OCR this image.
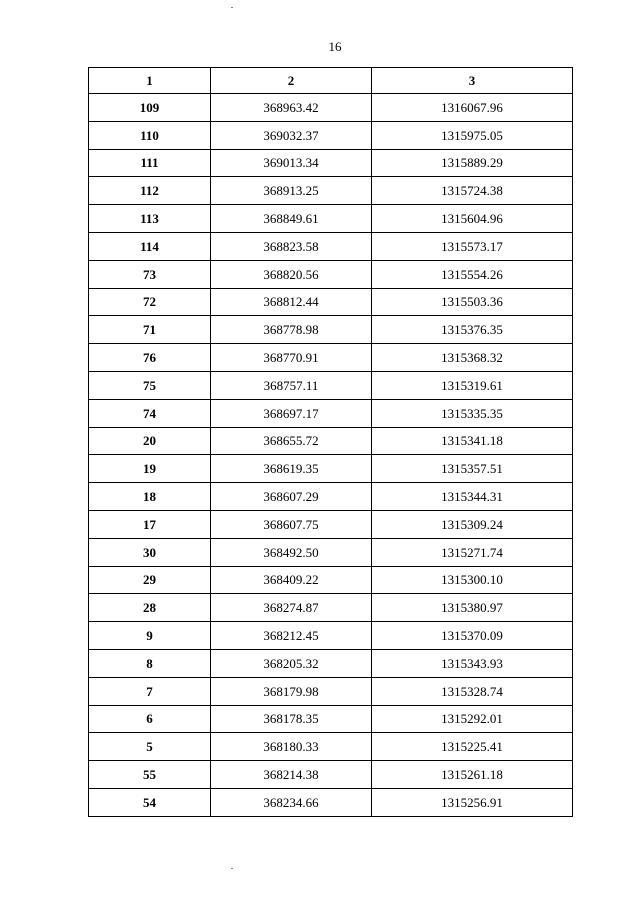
16
1	2	3
109	368963.42	1316067.96
110	369032.37	1315975.05
111	369013.34	1315889.29
112	368913.25	1315724.38
113	368849.61	1315604.96
114	368823.58	1315573.17
73	368820.56	1315554.26
72	368812.44	1315503.36
71	368778.98	1315376.35
76	368770.91	1315368.32
75	368757.11	1315319.61
74	368697.17	1315335.35
20	368655.72	1315341.18
19	368619.35	1315357.51
18	368607.29	1315344.31
17	368607.75	1315309.24
30	368492.50	1315271.74
29	368409.22	1315300.10
28	368274.87	1315380.97
9	368212.45	1315370.09
8	368205.32	1315343.93
7	368179.98	1315328.74
6	368178.35	1315292.01
5	368180.33	1315225.41
55	368214.38	1315261.18
54	368234.66	1315256.91
